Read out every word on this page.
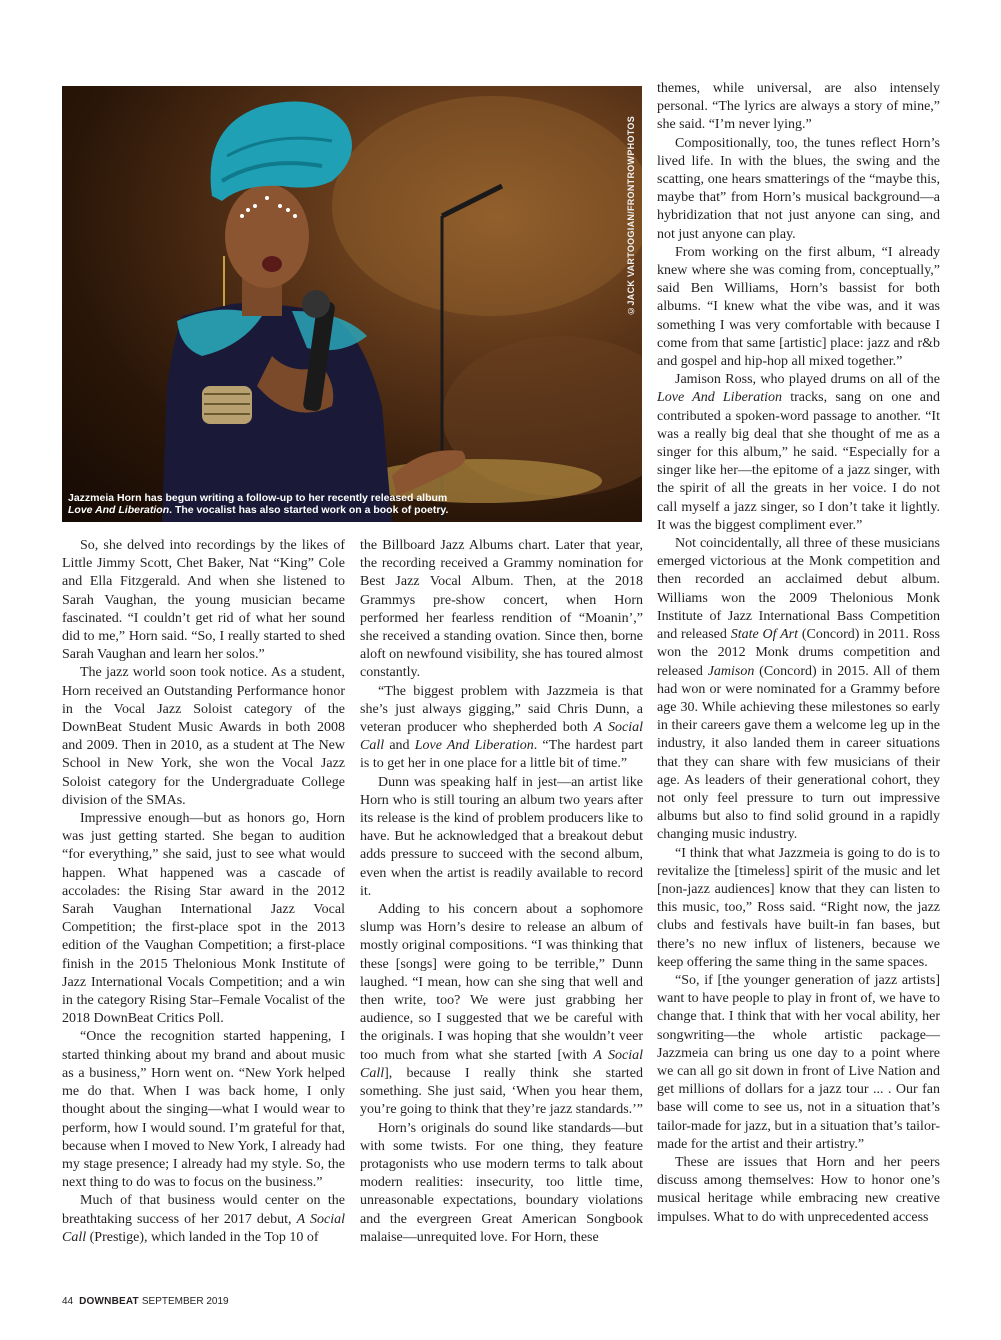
©JACK VARTOOGIAN/FRONTROWPHOTOS
Jazzmeia Horn has begun writing a follow-up to her recently released album
Love And Liberation. The vocalist has also started work on a book of poetry.

So, she delved into recordings by the likes of Little Jimmy Scott, Chet Baker, Nat “King” Cole and Ella Fitzgerald. And when she listened to Sarah Vaughan, the young musician became fascinated. “I couldn’t get rid of what her sound did to me,” Horn said. “So, I really started to shed Sarah Vaughan and learn her solos.”

The jazz world soon took notice. As a student, Horn received an Outstanding Performance honor in the Vocal Jazz Soloist category of the DownBeat Student Music Awards in both 2008 and 2009. Then in 2010, as a student at The New School in New York, she won the Vocal Jazz Soloist category for the Undergraduate College division of the SMAs.

Impressive enough—but as honors go, Horn was just getting started. She began to audition “for everything,” she said, just to see what would happen. What happened was a cascade of accolades: the Rising Star award in the 2012 Sarah Vaughan International Jazz Vocal Competition; the first-place spot in the 2013 edition of the Vaughan Competition; a first-place finish in the 2015 Thelonious Monk Institute of Jazz International Vocals Competition; and a win in the category Rising Star–Female Vocalist of the 2018 DownBeat Critics Poll.

“Once the recognition started happening, I started thinking about my brand and about music as a business,” Horn went on. “New York helped me do that. When I was back home, I only thought about the singing—what I would wear to perform, how I would sound. I’m grateful for that, because when I moved to New York, I already had my stage presence; I already had my style. So, the next thing to do was to focus on the business.”

Much of that business would center on the breathtaking success of her 2017 debut, A Social Call (Prestige), which landed in the Top 10 of

the Billboard Jazz Albums chart. Later that year, the recording received a Grammy nomination for Best Jazz Vocal Album. Then, at the 2018 Grammys pre-show concert, when Horn performed her fearless rendition of “Moanin’,” she received a standing ovation. Since then, borne aloft on newfound visibility, she has toured almost constantly.

“The biggest problem with Jazzmeia is that she’s just always gigging,” said Chris Dunn, a veteran producer who shepherded both A Social Call and Love And Liberation. “The hardest part is to get her in one place for a little bit of time.”

Dunn was speaking half in jest—an artist like Horn who is still touring an album two years after its release is the kind of problem producers like to have. But he acknowledged that a breakout debut adds pressure to succeed with the second album, even when the artist is readily available to record it.

Adding to his concern about a sophomore slump was Horn’s desire to release an album of mostly original compositions. “I was thinking that these [songs] were going to be terrible,” Dunn laughed. “I mean, how can she sing that well and then write, too? We were just grabbing her audience, so I suggested that we be careful with the originals. I was hoping that she wouldn’t veer too much from what she started [with A Social Call], because I really think she started something. She just said, ‘When you hear them, you’re going to think that they’re jazz standards.’”

Horn’s originals do sound like standards—but with some twists. For one thing, they feature protagonists who use modern terms to talk about modern realities: insecurity, too little time, unreasonable expectations, boundary violations and the evergreen Great American Songbook malaise—unrequited love. For Horn, these

themes, while universal, are also intensely personal. “The lyrics are always a story of mine,” she said. “I’m never lying.”

Compositionally, too, the tunes reflect Horn’s lived life. In with the blues, the swing and the scatting, one hears smatterings of the “maybe this, maybe that” from Horn’s musical background—a hybridization that not just anyone can sing, and not just anyone can play.

From working on the first album, “I already knew where she was coming from, conceptually,” said Ben Williams, Horn’s bassist for both albums. “I knew what the vibe was, and it was something I was very comfortable with because I come from that same [artistic] place: jazz and r&b and gospel and hip-hop all mixed together.”

Jamison Ross, who played drums on all of the Love And Liberation tracks, sang on one and contributed a spoken-word passage to another. “It was a really big deal that she thought of me as a singer for this album,” he said. “Especially for a singer like her—the epitome of a jazz singer, with the spirit of all the greats in her voice. I do not call myself a jazz singer, so I don’t take it lightly. It was the biggest compliment ever.”

Not coincidentally, all three of these musicians emerged victorious at the Monk competition and then recorded an acclaimed debut album. Williams won the 2009 Thelonious Monk Institute of Jazz International Bass Competition and released State Of Art (Concord) in 2011. Ross won the 2012 Monk drums competition and released Jamison (Concord) in 2015. All of them had won or were nominated for a Grammy before age 30. While achieving these milestones so early in their careers gave them a welcome leg up in the industry, it also landed them in career situations that they can share with few musicians of their age. As leaders of their generational cohort, they not only feel pressure to turn out impressive albums but also to find solid ground in a rapidly changing music industry.

“I think that what Jazzmeia is going to do is to revitalize the [timeless] spirit of the music and let [non-jazz audiences] know that they can listen to this music, too,” Ross said. “Right now, the jazz clubs and festivals have built-in fan bases, but there’s no new influx of listeners, because we keep offering the same thing in the same spaces.

“So, if [the younger generation of jazz artists] want to have people to play in front of, we have to change that. I think that with her vocal ability, her songwriting—the whole artistic package—Jazzmeia can bring us one day to a point where we can all go sit down in front of Live Nation and get millions of dollars for a jazz tour ... . Our fan base will come to see us, not in a situation that’s tailor-made for jazz, but in a situation that’s tailor-made for the artist and their artistry.”

These are issues that Horn and her peers discuss among themselves: How to honor one’s musical heritage while embracing new creative impulses. What to do with unprecedented access

44 DOWNBEAT SEPTEMBER 2019
